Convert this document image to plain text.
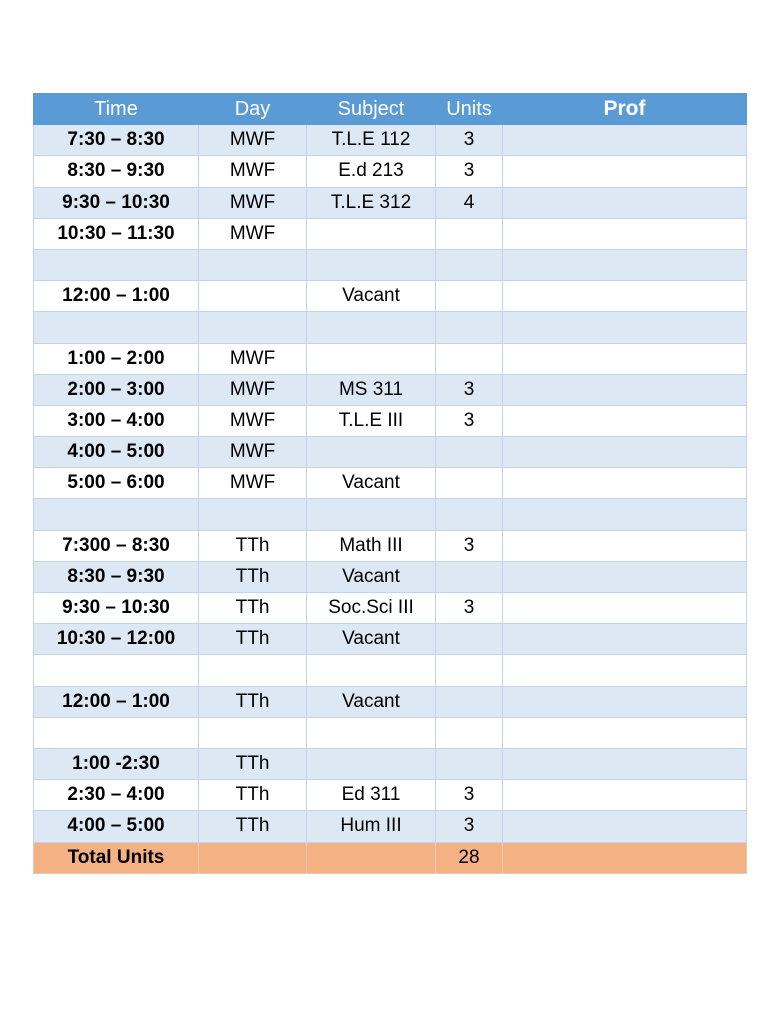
Time	Day	Subject	Units	Prof
7:30 – 8:30	MWF	T.L.E 112	3	
8:30 – 9:30	MWF	E.d 213	3	
9:30 – 10:30	MWF	T.L.E 312	4	
10:30 – 11:30	MWF			

12:00 – 1:00		Vacant		

1:00 – 2:00	MWF			
2:00 – 3:00	MWF	MS 311	3	
3:00 – 4:00	MWF	T.L.E III	3	
4:00 – 5:00	MWF			
5:00 – 6:00	MWF	Vacant		

7:300 – 8:30	TTh	Math III	3	
8:30 – 9:30	TTh	Vacant		
9:30 – 10:30	TTh	Soc.Sci III	3	
10:30 – 12:00	TTh	Vacant		

12:00 – 1:00	TTh	Vacant		

1:00 -2:30	TTh			
2:30 – 4:00	TTh	Ed 311	3	
4:00 – 5:00	TTh	Hum III	3	
Total Units			28	
